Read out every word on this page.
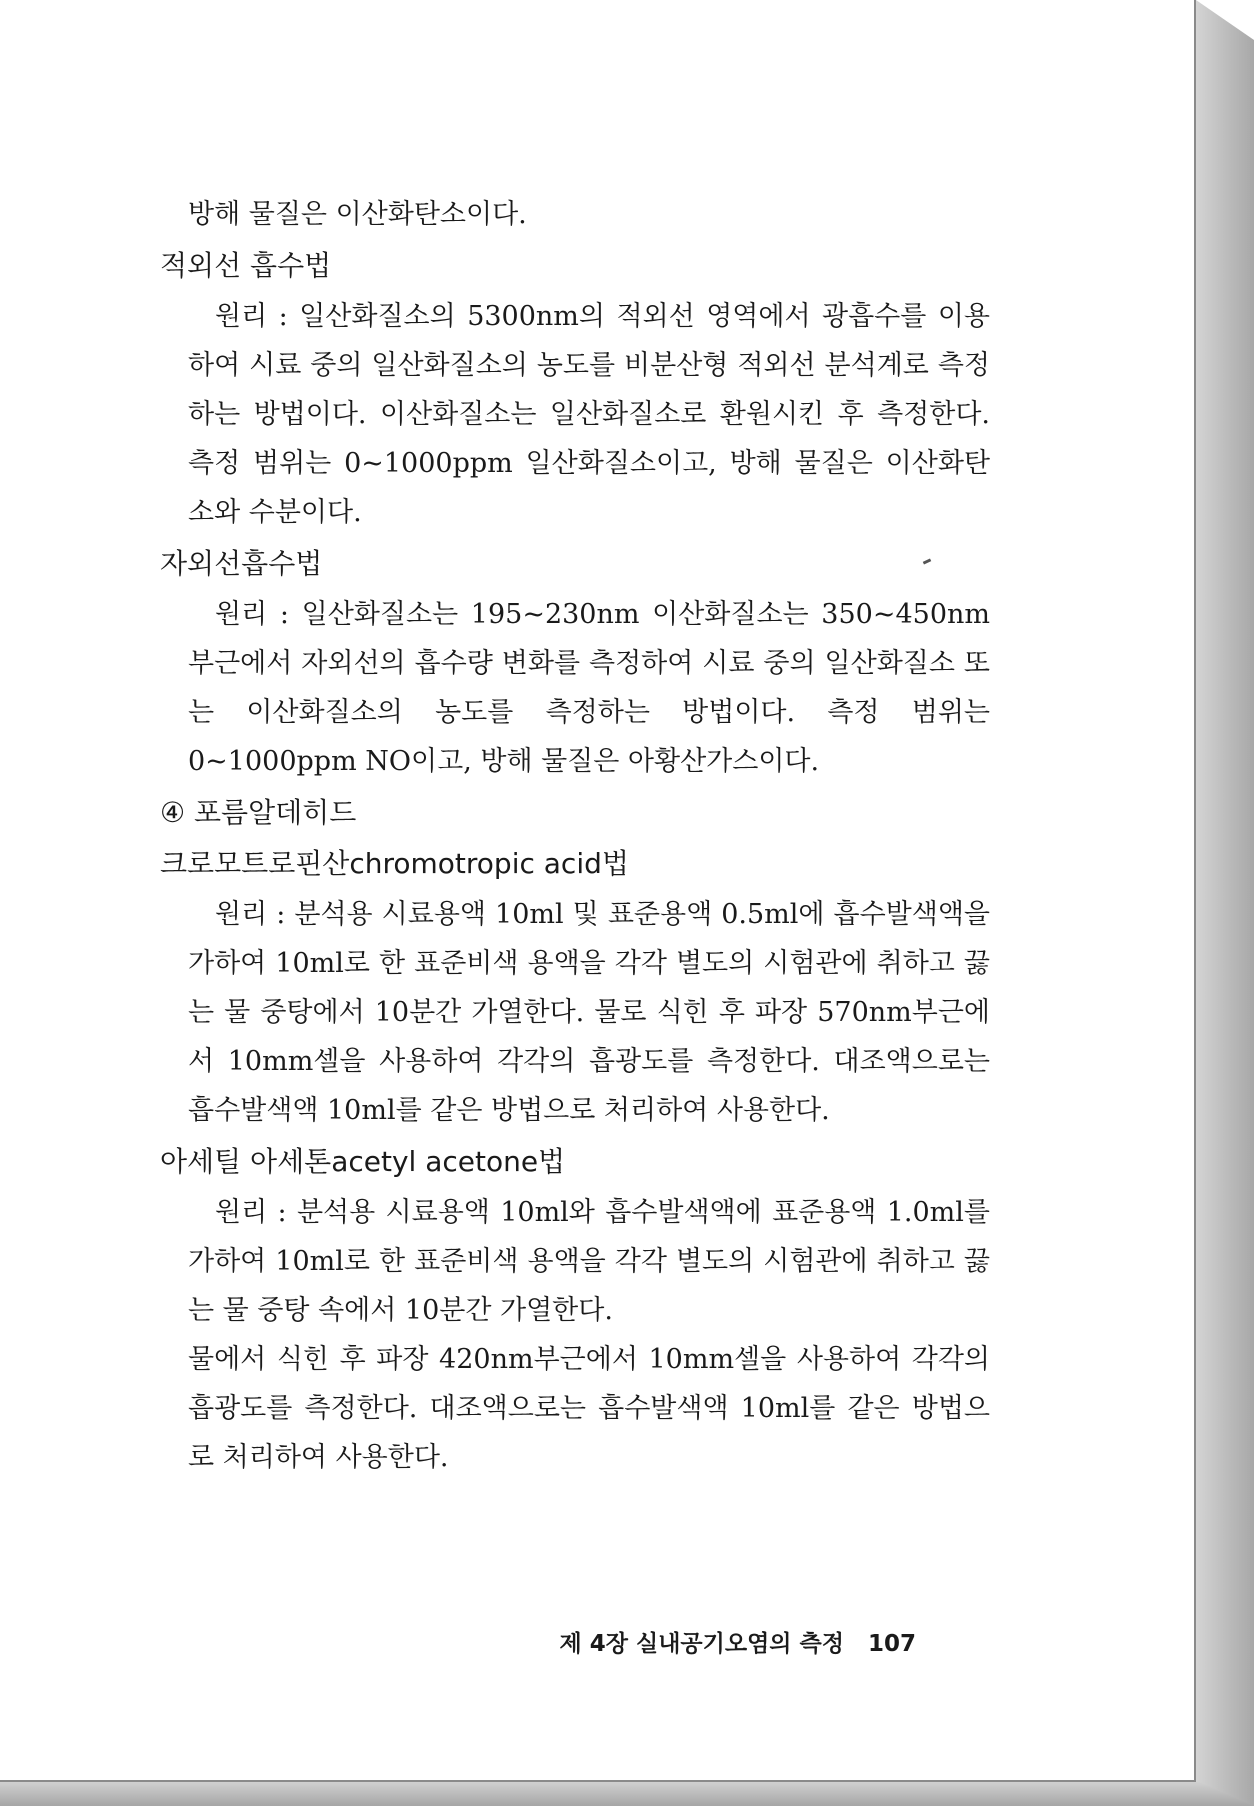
방해 물질은 이산화탄소이다.

적외선 흡수법

원리 : 일산화질소의 5300nm의 적외선 영역에서 광흡수를 이용하여 시료 중의 일산화질소의 농도를 비분산형 적외선 분석계로 측정하는 방법이다. 이산화질소는 일산화질소로 환원시킨 후 측정한다. 측정 범위는 0~1000ppm 일산화질소이고, 방해 물질은 이산화탄소와 수분이다.

자외선흡수법

원리 : 일산화질소는 195~230nm 이산화질소는 350~450nm 부근에서 자외선의 흡수량 변화를 측정하여 시료 중의 일산화질소 또는 이산화질소의 농도를 측정하는 방법이다. 측정 범위는 0~1000ppm NO이고, 방해 물질은 아황산가스이다.

④ 포름알데히드

크로모트로핀산chromotropic acid법

원리 : 분석용 시료용액 10ml 및 표준용액 0.5ml에 흡수발색액을 가하여 10ml로 한 표준비색 용액을 각각 별도의 시험관에 취하고 끓는 물 중탕에서 10분간 가열한다. 물로 식힌 후 파장 570nm부근에서 10mm셀을 사용하여 각각의 흡광도를 측정한다. 대조액으로는 흡수발색액 10ml를 같은 방법으로 처리하여 사용한다.

아세틸 아세톤acetyl acetone법

원리 : 분석용 시료용액 10ml와 흡수발색액에 표준용액 1.0ml를 가하여 10ml로 한 표준비색 용액을 각각 별도의 시험관에 취하고 끓는 물 중탕 속에서 10분간 가열한다.

물에서 식힌 후 파장 420nm부근에서 10mm셀을 사용하여 각각의 흡광도를 측정한다. 대조액으로는 흡수발색액 10ml를 같은 방법으로 처리하여 사용한다.

제 4장 실내공기오염의 측정 107
